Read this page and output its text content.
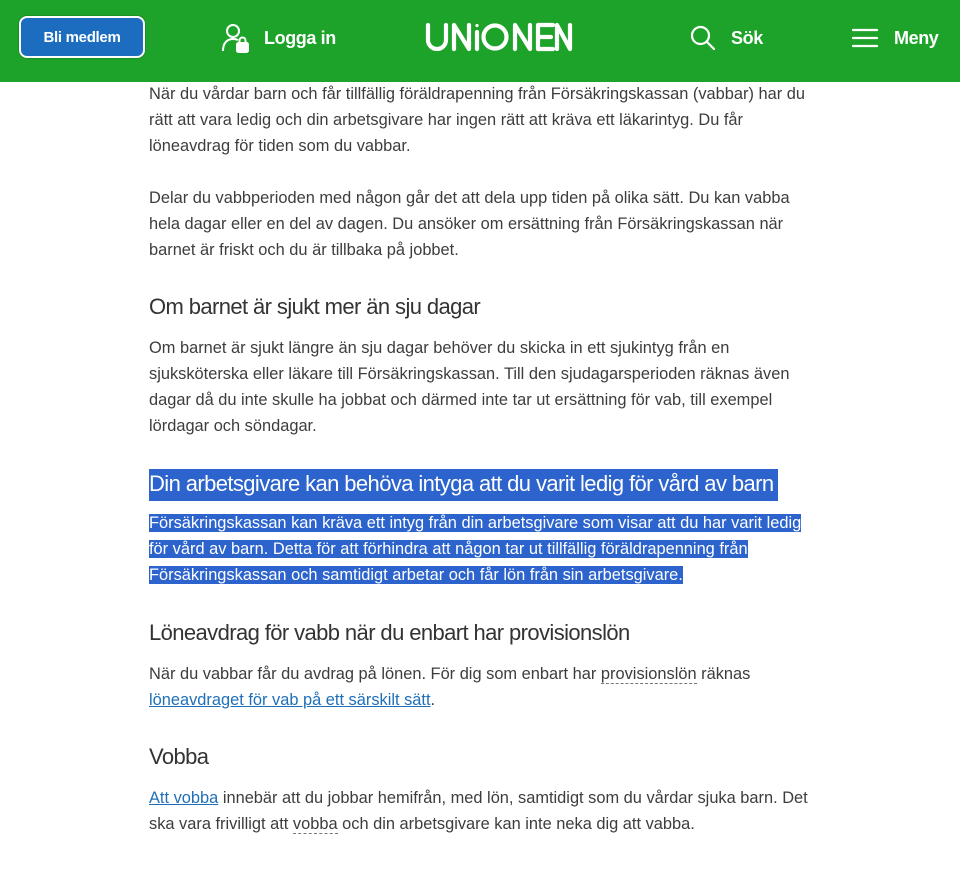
Bli medlem	Logga in	Sök	Meny

När du vårdar barn och får tillfällig föräldrapenning från Försäkringskassan (vabbar) har du rätt att vara ledig och din arbetsgivare har ingen rätt att kräva ett läkarintyg. Du får löneavdrag för tiden som du vabbar.

Delar du vabbperioden med någon går det att dela upp tiden på olika sätt. Du kan vabba hela dagar eller en del av dagen. Du ansöker om ersättning från Försäkringskassan när barnet är friskt och du är tillbaka på jobbet.

Om barnet är sjukt mer än sju dagar

Om barnet är sjukt längre än sju dagar behöver du skicka in ett sjukintyg från en sjuksköterska eller läkare till Försäkringskassan. Till den sjudagarsperioden räknas även dagar då du inte skulle ha jobbat och därmed inte tar ut ersättning för vab, till exempel lördagar och söndagar.

Din arbetsgivare kan behöva intyga att du varit ledig för vård av barn

Försäkringskassan kan kräva ett intyg från din arbetsgivare som visar att du har varit ledig för vård av barn. Detta för att förhindra att någon tar ut tillfällig föräldrapenning från Försäkringskassan och samtidigt arbetar och får lön från sin arbetsgivare.

Löneavdrag för vabb när du enbart har provisionslön

När du vabbar får du avdrag på lönen. För dig som enbart har provisionslön räknas löneavdraget för vab på ett särskilt sätt.

Vobba

Att vobba innebär att du jobbar hemifrån, med lön, samtidigt som du vårdar sjuka barn. Det ska vara frivilligt att vobba och din arbetsgivare kan inte neka dig att vabba.
